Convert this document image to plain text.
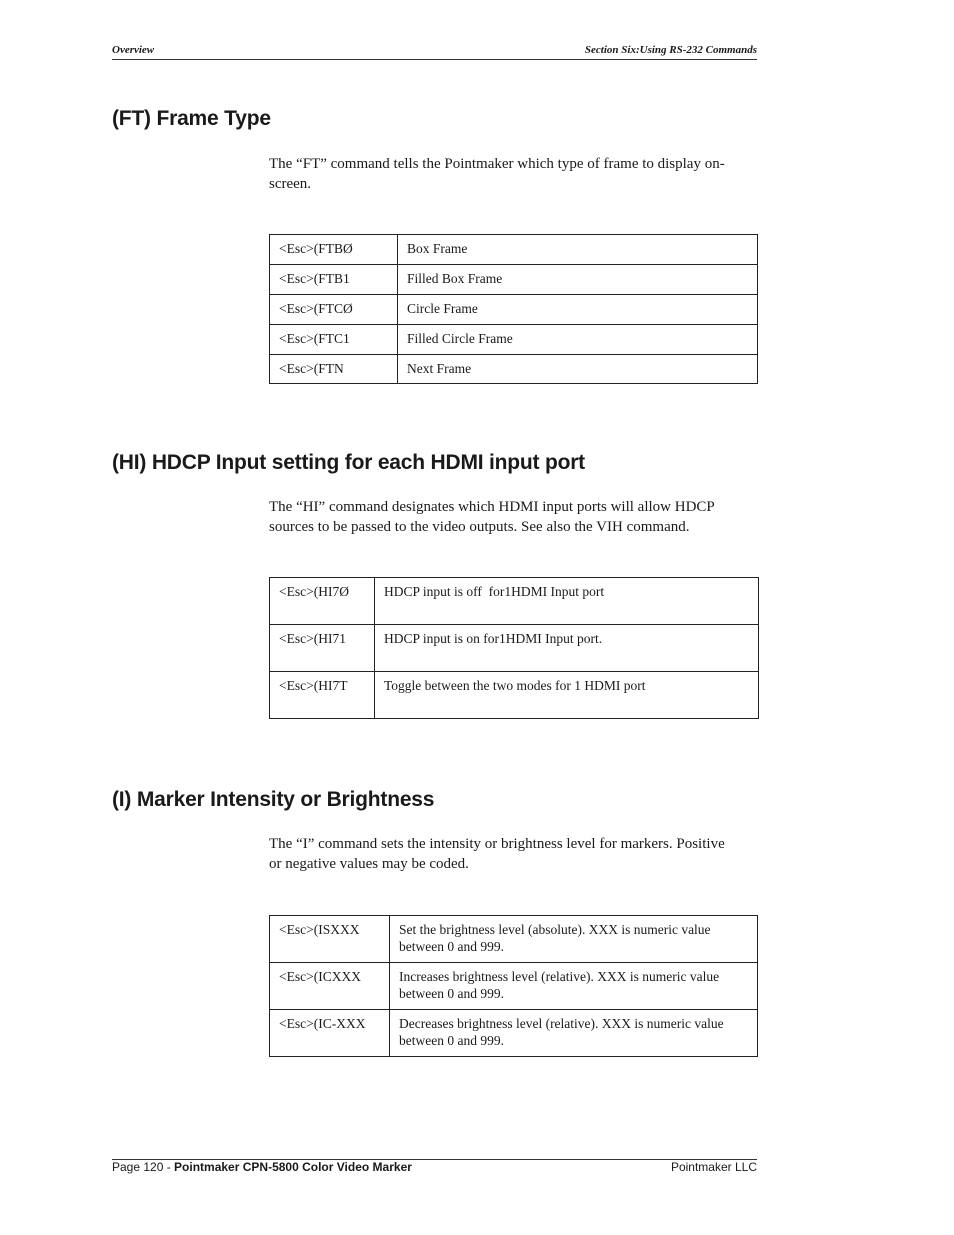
Overview	Section Six:Using RS-232 Commands
(FT) Frame Type

The “FT” command tells the Pointmaker which type of frame to display on-screen.

<Esc>(FTBØ	Box Frame
<Esc>(FTB1	Filled Box Frame
<Esc>(FTCØ	Circle Frame
<Esc>(FTC1	Filled Circle Frame
<Esc>(FTN	Next Frame
(HI) HDCP Input setting for each HDMI input port

The “HI” command designates which HDMI input ports will allow HDCP sources to be passed to the video outputs. See also the VIH command.

<Esc>(HI7Ø	HDCP input is off  for1HDMI Input port
<Esc>(HI71	HDCP input is on for1HDMI Input port.
<Esc>(HI7T	Toggle between the two modes for 1 HDMI port
(I) Marker Intensity or Brightness

The “I” command sets the intensity or brightness level for markers. Positive or negative values may be coded.

<Esc>(ISXXX	Set the brightness level (absolute). XXX is numeric value between 0 and 999.
<Esc>(ICXXX	Increases brightness level (relative). XXX is numeric value between 0 and 999.
<Esc>(IC-XXX	Decreases brightness level (relative). XXX is numeric value between 0 and 999.
Page 120 - Pointmaker CPN-5800 Color Video Marker	Pointmaker LLC
